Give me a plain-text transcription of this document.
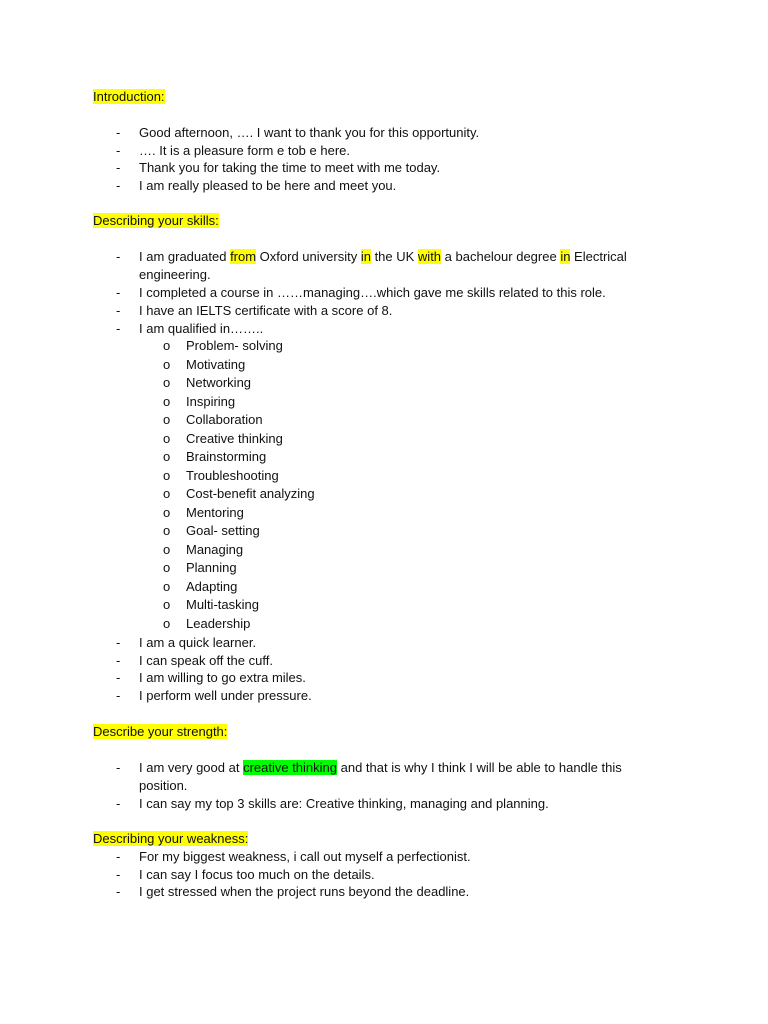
Introduction:
- Good afternoon, …. I want to thank you for this opportunity.
- …. It is a pleasure form e tob e here.
- Thank you for taking the time to meet with me today.
- I am really pleased to be here and meet you.
Describing your skills:
- I am graduated from Oxford university in the UK with a bachelour degree in Electrical
engineering.
- I completed a course in ……managing….which gave me skills related to this role.
- I have an IELTS certificate with a score of 8.
- I am qualified in……..
o Problem- solving
o Motivating
o Networking
o Inspiring
o Collaboration
o Creative thinking
o Brainstorming
o Troubleshooting
o Cost-benefit analyzing
o Mentoring
o Goal- setting
o Managing
o Planning
o Adapting
o Multi-tasking
o Leadership
- I am a quick learner.
- I can speak off the cuff.
- I am willing to go extra miles.
- I perform well under pressure.
Describe your strength:
- I am very good at creative thinking and that is why I think I will be able to handle this
position.
- I can say my top 3 skills are: Creative thinking, managing and planning.
Describing your weakness:
- For my biggest weakness, i call out myself a perfectionist.
- I can say I focus too much on the details.
- I get stressed when the project runs beyond the deadline.
